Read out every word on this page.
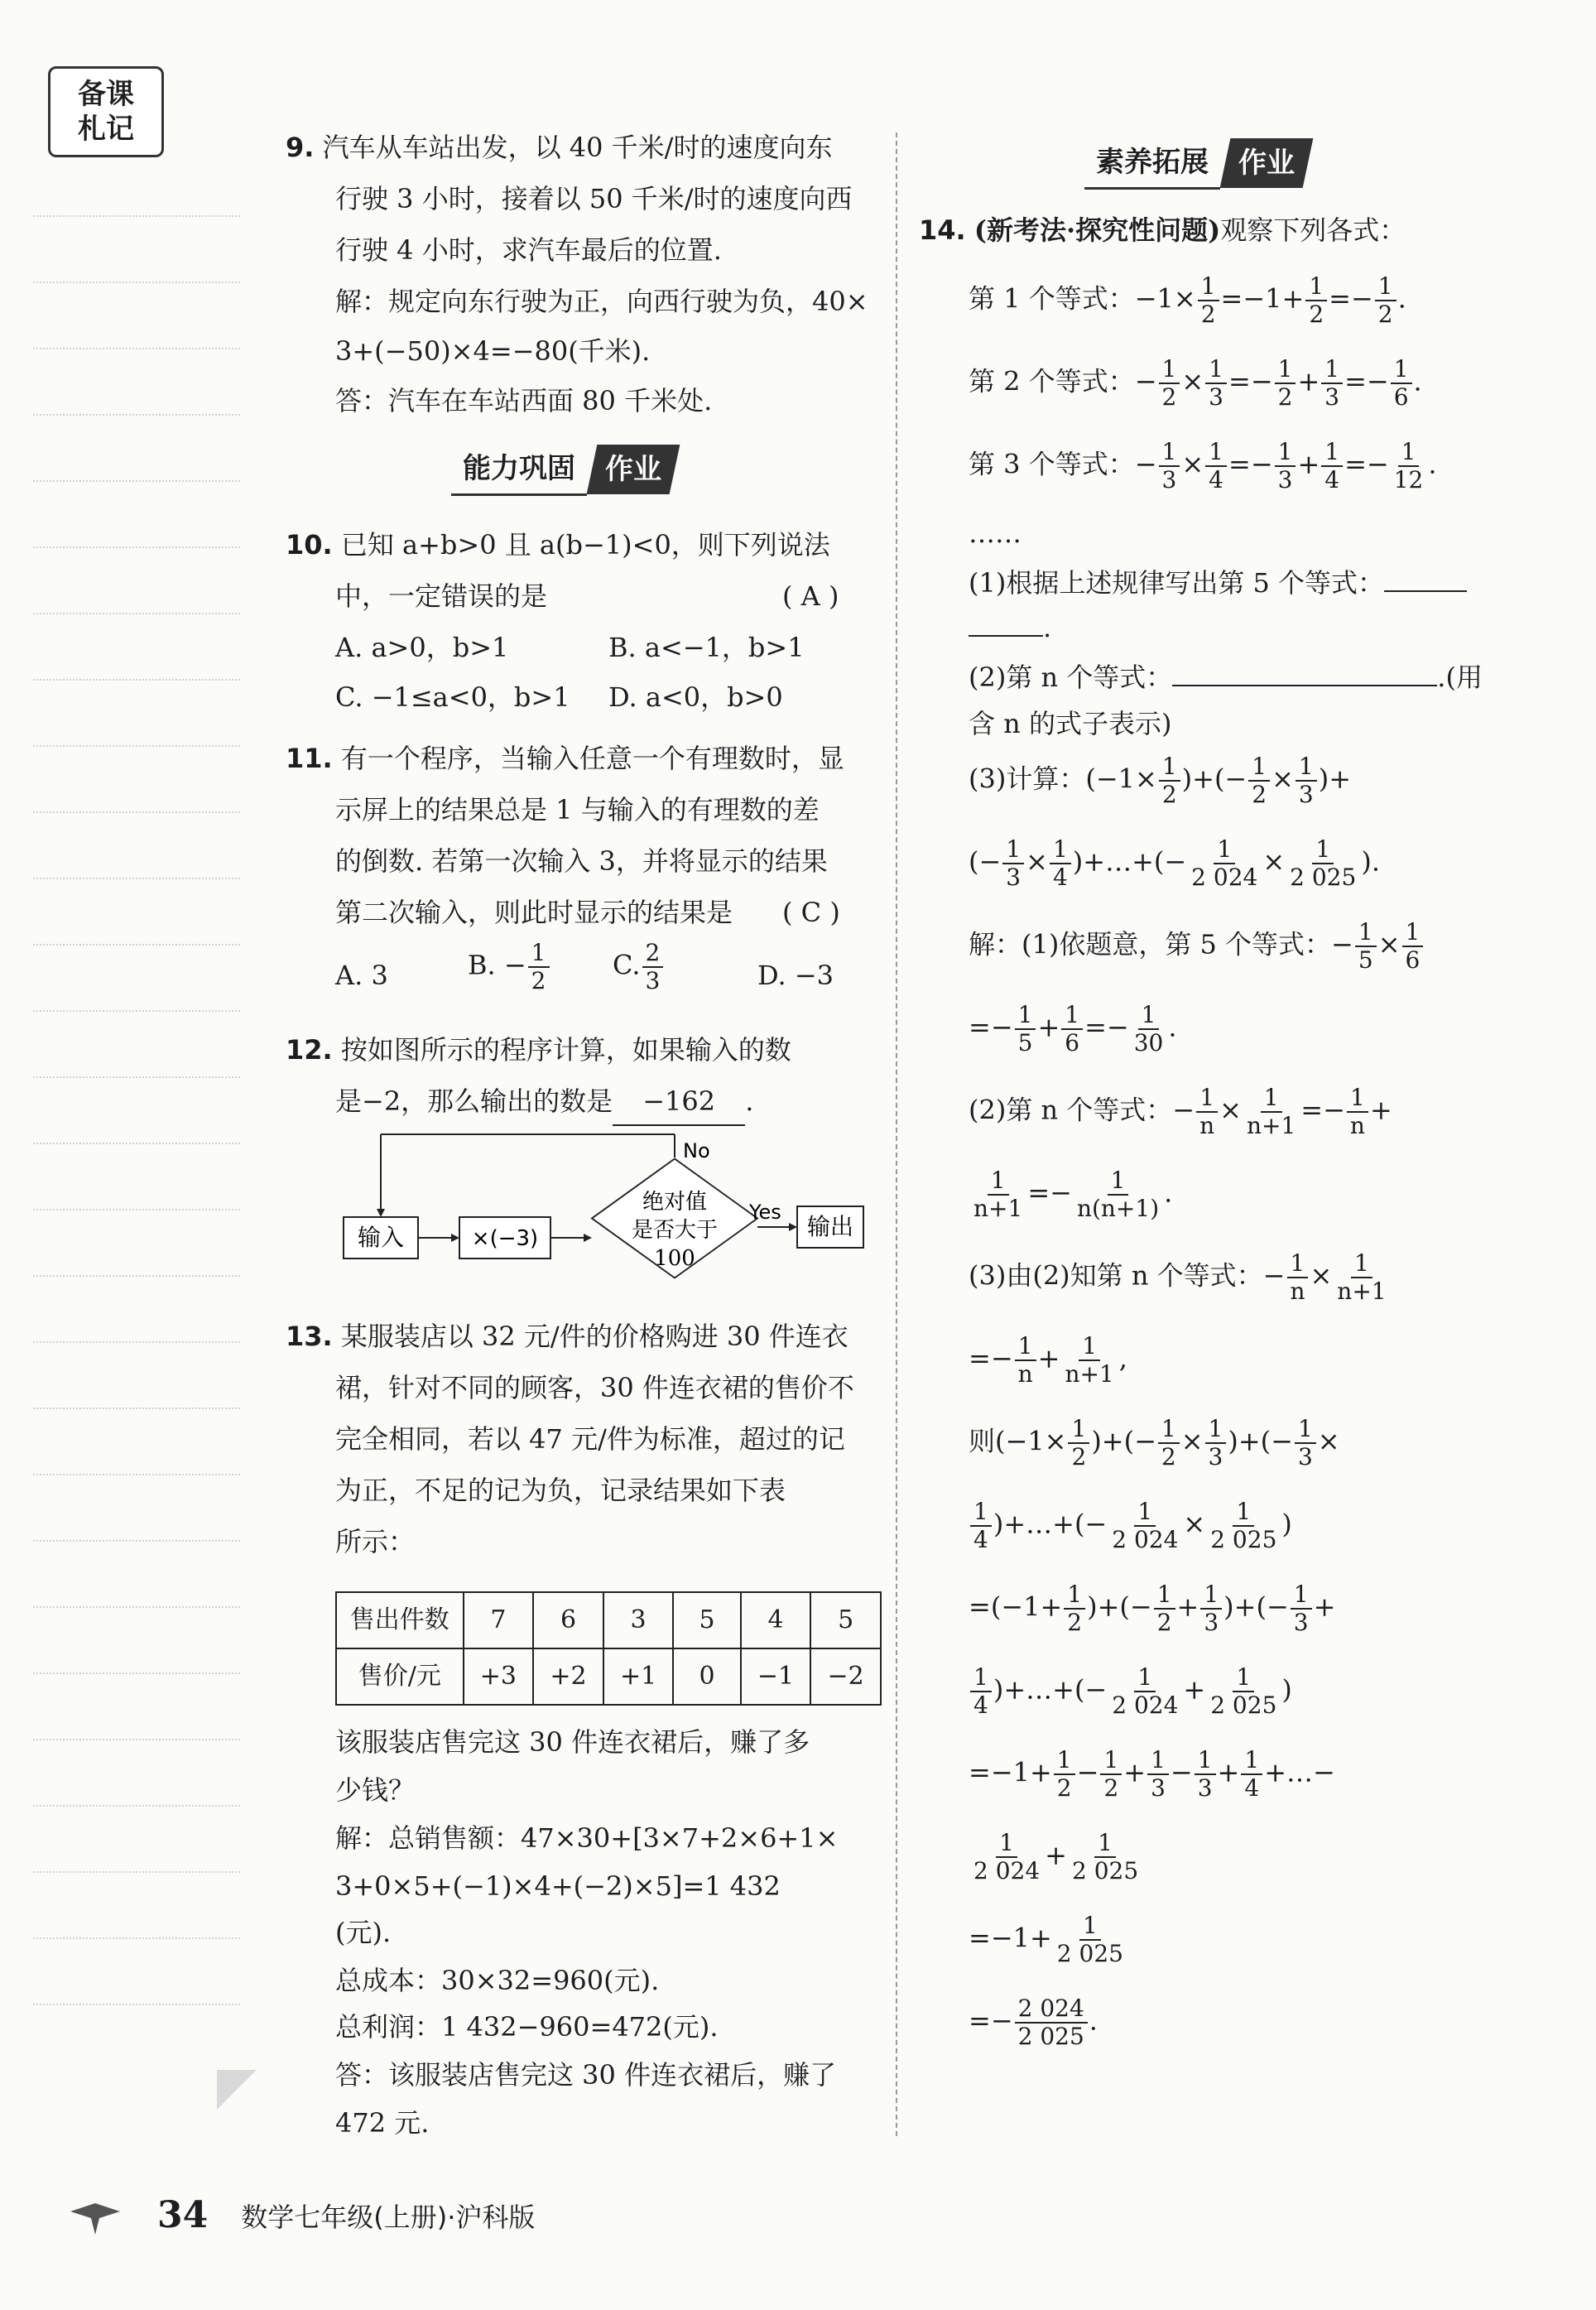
备课
札记
9. 汽车从车站出发，以 40 千米/时的速度向东
行驶 3 小时，接着以 50 千米/时的速度向西
行驶 4 小时，求汽车最后的位置.
解：规定向东行驶为正，向西行驶为负，40×
3+(−50)×4=−80(千米).
答：汽车在车站西面 80 千米处.
能力巩固	作业
10. 已知 a+b>0 且 a(b−1)<0，则下列说法
中，一定错误的是	( A )
A. a>0，b>1	B. a<−1，b>1
C. −1≤a<0，b>1 D. a<0，b>0
11. 有一个程序，当输入任意一个有理数时，显
示屏上的结果总是 1 与输入的有理数的差
的倒数. 若第一次输入 3，并将显示的结果
第二次输入，则此时显示的结果是 ( C )
A. 3	B. − $\frac{1}{2} C$. $\frac{2}{3}$	D. −3
12. 按如图所示的程序计算，如果输入的数
是−2，那么输出的数是 −162 .
输入	×(−3)
绝对值
是否大于
100
No
Yes
输出
13. 某服装店以 32 元/件的价格购进 30 件连衣
裙，针对不同的顾客，30 件连衣裙的售价不
完全相同，若以 47 元/件为标准，超过的记
为正，不足的记为负，记录结果如下表
所示：
售出件数	7	6	3	5	4	5
售价/元	+3	+2	+1	0	−1	−2
该服装店售完这 30 件连衣裙后，赚了多
少钱？
解：总销售额：47×30+[3×7+2×6+1×
3+0×5+(−1)×4+(−2)×5]=1 432
(元).
总成本：30×32=960(元).
总利润：1 432−960=472(元).
答：该服装店售完这 30 件连衣裙后，赚了
472 元.
素养拓展	作业
14. (新考法·探究性问题)观察下列各式：
第 1 个等式：$-1\times \frac{1}{2} =-1+ \frac{1}{2} =- \frac{1}{2}$ .
第 2 个等式：− $\frac{1}{2} \times \frac{1}{3} =- \frac{1}{2} + \frac{1}{3} =- \frac{1}{6}$ .
第 3 个等式：− $\frac{1}{3} \times \frac{1}{4} =- \frac{1}{3} + \frac{1}{4} =- \frac{1}{12}$ .
……
(1)根据上述规律写出第 5 个等式：
.
(2)第 n 个等式：	.(用
含 n 的式子表示)
(3)计算：($-1\times \frac{1}{2}$ )+(− $\frac{1}{2} \times \frac{1}{3}$ )+
(− $\frac{1}{3} \times \frac{1}{4}$ )+…+(− $\frac{1}{2 024} \times \frac{1}{2 025}$ ).
解：(1)依题意，第 5 个等式：− $\frac{1}{5} \times \frac{1}{6}$
=− $\frac{1}{5} + \frac{1}{6} =- \frac{1}{30}$ .
(2)第 n 个等式：− $\frac{1}{n} \times \frac{1}{n+1} =- \frac{1}{n}$ +
$\frac{1}{n+1} =- \frac{1}{n(n+1)}$ .
(3)由(2)知第 n 个等式：− $\frac{1}{n} \times \frac{1}{n+1}$
=− $\frac{1}{n} + \frac{1}{n+1}$ ,
则($-1\times \frac{1}{2}$ )+(− $\frac{1}{2} \times \frac{1}{3}$ )+(− $\frac{1}{3}$ ×
$\frac{1}{4}$ )+…+(− $\frac{1}{2 024} \times \frac{1}{2 025}$ )
$=(-1+ \frac{1}{2}$ )+(− $\frac{1}{2} + \frac{1}{3}$ )+(− $\frac{1}{3}$ +
$\frac{1}{4}$ )+…+(− $\frac{1}{2 024} + \frac{1}{2 025}$ )
$=-1+ \frac{1}{2} - \frac{1}{2} + \frac{1}{3} - \frac{1}{3} + \frac{1}{4}$ +…−
$\frac{1}{2 024} + \frac{1}{2 025}$
$=-1+ \frac{1}{2 025}$
=− $\frac{2 024}{2 025}$ .
34 数学七年级(上册)·沪科版
